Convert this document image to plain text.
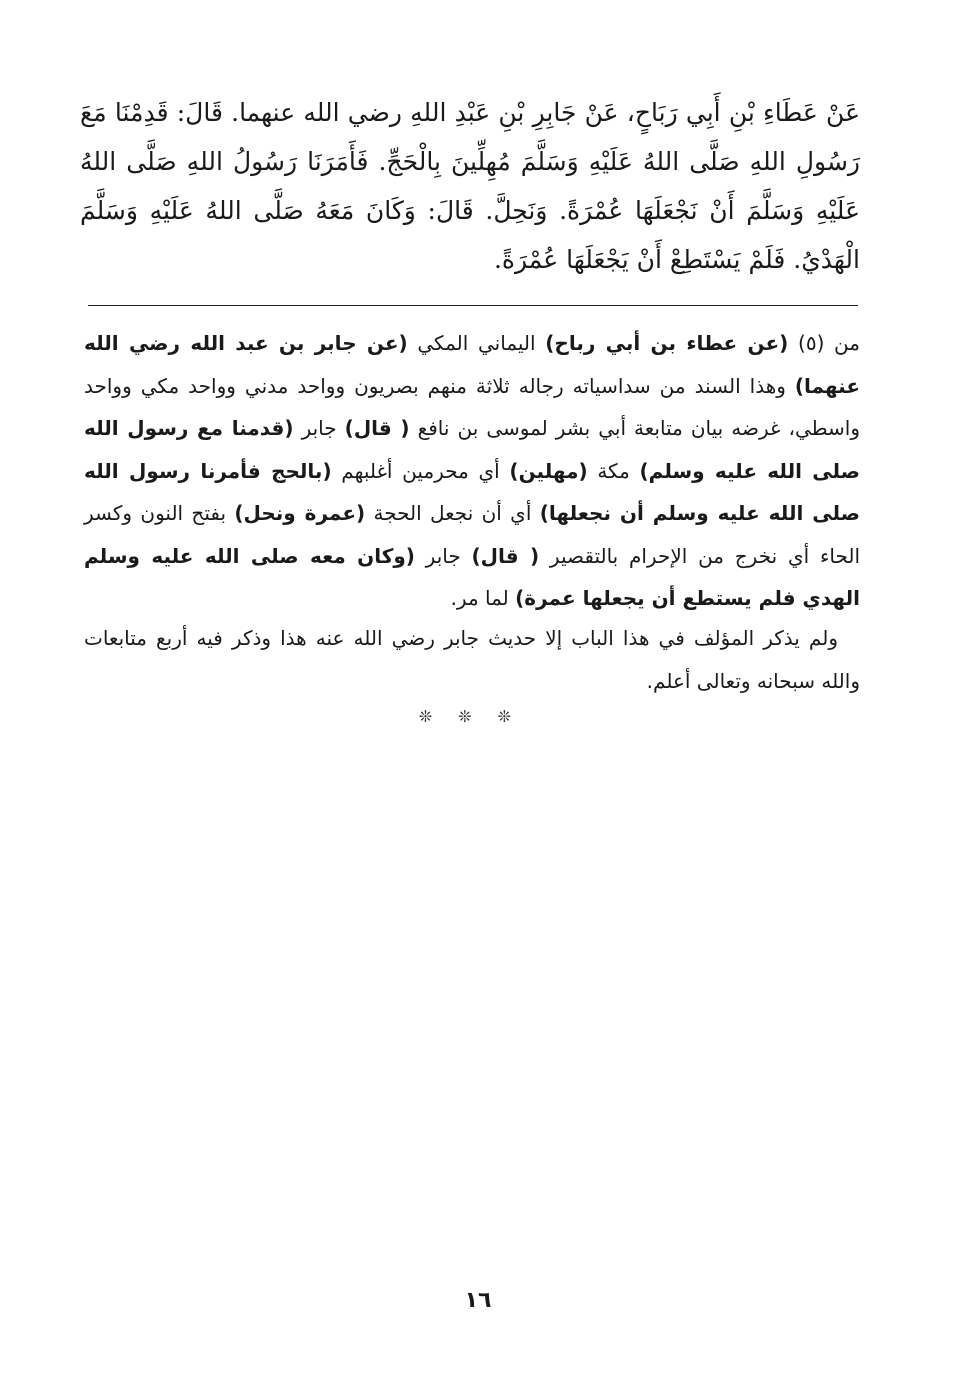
عَنْ عَطَاءِ بْنِ أَبِي رَبَاحٍ، عَنْ جَابِرِ بْنِ عَبْدِ اللهِ رضي الله عنهما. قَالَ: قَدِمْنَا مَعَ رَسُولِ اللهِ صَلَّى اللهُ عَلَيْهِ وَسَلَّمَ مُهِلِّينَ بِالْحَجِّ. فَأَمَرَنَا رَسُولُ اللهِ صَلَّى اللهُ عَلَيْهِ وَسَلَّمَ أَنْ نَجْعَلَهَا عُمْرَةً. وَنَحِلَّ. قَالَ: وَكَانَ مَعَهُ صَلَّى اللهُ عَلَيْهِ وَسَلَّمَ الْهَدْيُ. فَلَمْ يَسْتَطِعْ أَنْ يَجْعَلَهَا عُمْرَةً.
من (٥) (عن عطاء بن أبي رباح) اليماني المكي (عن جابر بن عبد الله رضي الله عنهما) وهذا السند من سداسياته رجاله ثلاثة منهم بصريون وواحد مدني وواحد مكي وواحد واسطي، غرضه بيان متابعة أبي بشر لموسى بن نافع ( قال) جابر (قدمنا مع رسول الله صلى الله عليه وسلم) مكة (مهلين) أي محرمين أغلبهم (بالحج فأمرنا رسول الله صلى الله عليه وسلم أن نجعلها) أي أن نجعل الحجة (عمرة ونحل) بفتح النون وكسر الحاء أي نخرج من الإحرام بالتقصير ( قال) جابر (وكان معه صلى الله عليه وسلم الهدي فلم يستطع أن يجعلها عمرة) لما مر.
ولم يذكر المؤلف في هذا الباب إلا حديث جابر رضي الله عنه هذا وذكر فيه أربع متابعات والله سبحانه وتعالى أعلم.
❊❊❊
١٦
